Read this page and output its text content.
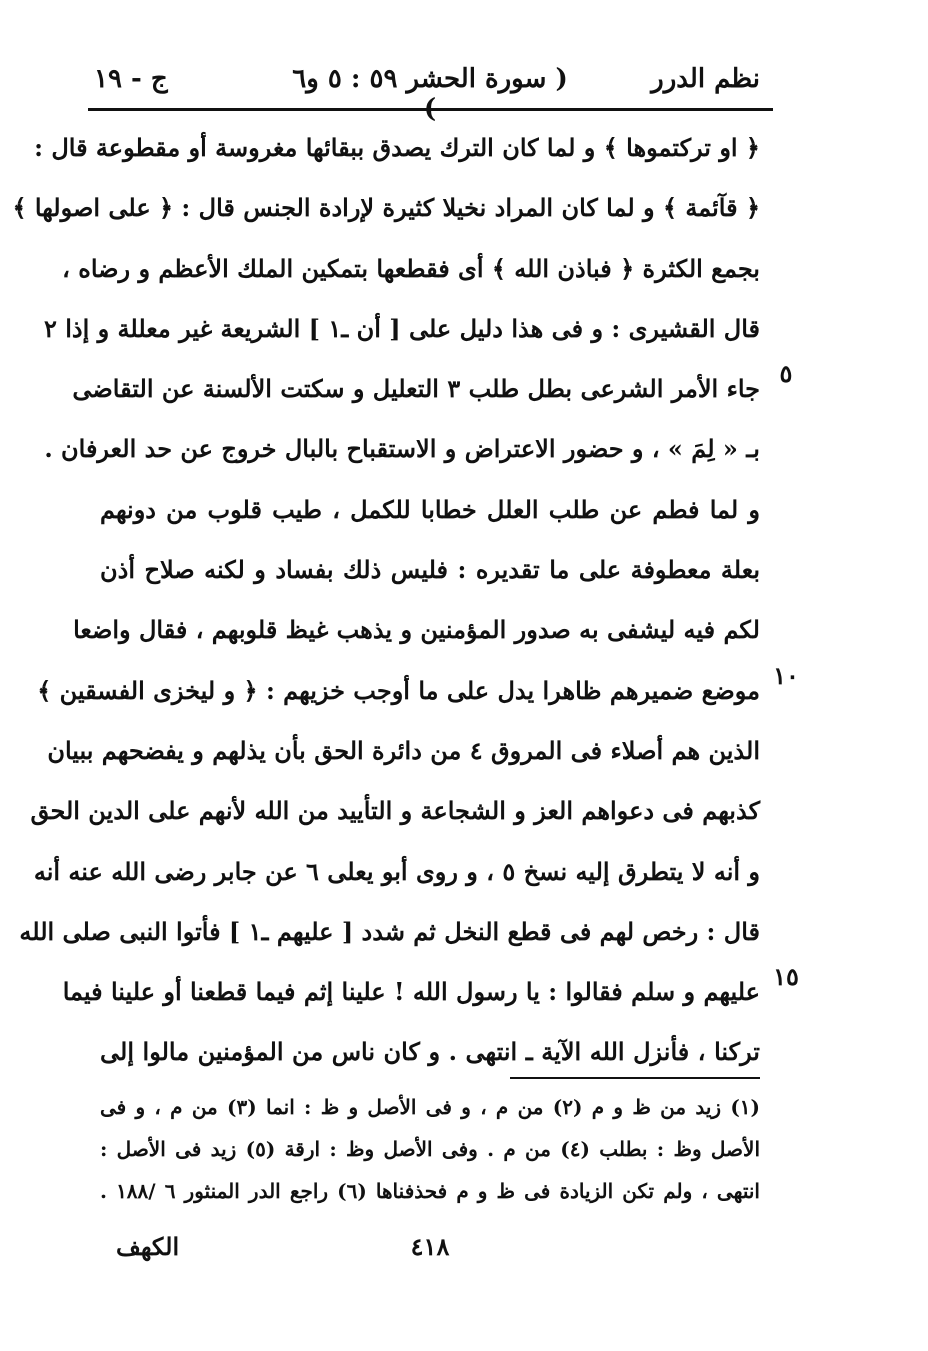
نظم الدرر
( سورة الحشر ٥٩ : ٥ و٦
ج - ١٩
﴿ او تركتموها ﴾ و لما كان الترك يصدق ببقائها مغروسة أو مقطوعة قال :
﴿ قآئمة ﴾ و لما كان المراد نخيلا كثيرة لإرادة الجنس قال : ﴿ على اصولها ﴾
بجمع الكثرة ﴿ فباذن الله ﴾ أى فقطعها بتمكين الملك الأعظم و رضاه ،
قال القشيرى : و فى هذا دليل على [ أن ـ١ ] الشريعة غير معللة و إذا ٢
جاء الأمر الشرعى بطل طلب ٣ التعليل و سكتت الألسنة عن التقاضى
٥
بـ « لِمَ » ، و حضور الاعتراض و الاستقباح بالبال خروج عن حد العرفان .
و لما فطم عن طلب العلل خطابا للكمل ، طيب قلوب من دونهم
بعلة معطوفة على ما تقديره : فليس ذلك بفساد و لكنه صلاح أذن
لكم فيه ليشفى به صدور المؤمنين و يذهب غيظ قلوبهم ، فقال واضعا
موضع ضميرهم ظاهرا يدل على ما أوجب خزيهم : ﴿ و ليخزى الفسقين ﴾
١٠
الذين هم أصلاء فى المروق ٤ من دائرة الحق بأن يذلهم و يفضحهم ببيان
كذبهم فى دعواهم العز و الشجاعة و التأييد من الله لأنهم على الدين الحق
و أنه لا يتطرق إليه نسخ ٥ ، و روى أبو يعلى ٦ عن جابر رضى الله عنه أنه
قال : رخص لهم فى قطع النخل ثم شدد [ عليهم ـ١ ] فأتوا النبى صلى الله
عليهم و سلم فقالوا : يا رسول الله ! علينا إثم فيما قطعنا أو علينا فيما
١٥
تركنا ، فأنزل الله الآية ـ انتهى . و كان ناس من المؤمنين مالوا إلى
(١) زيد من ظ و م (٢) من م ، و فى الأصل و ظ : انما (٣) من م ، و فى
الأصل وظ : بطلب (٤) من م . وفى الأصل وظ : ارقة (٥) زيد فى الأصل :
انتهى ، ولم تكن الزيادة فى ظ و م فحذفناها (٦) راجع الدر المنثور ٦ /١٨٨ .
٤١٨
الكهف
